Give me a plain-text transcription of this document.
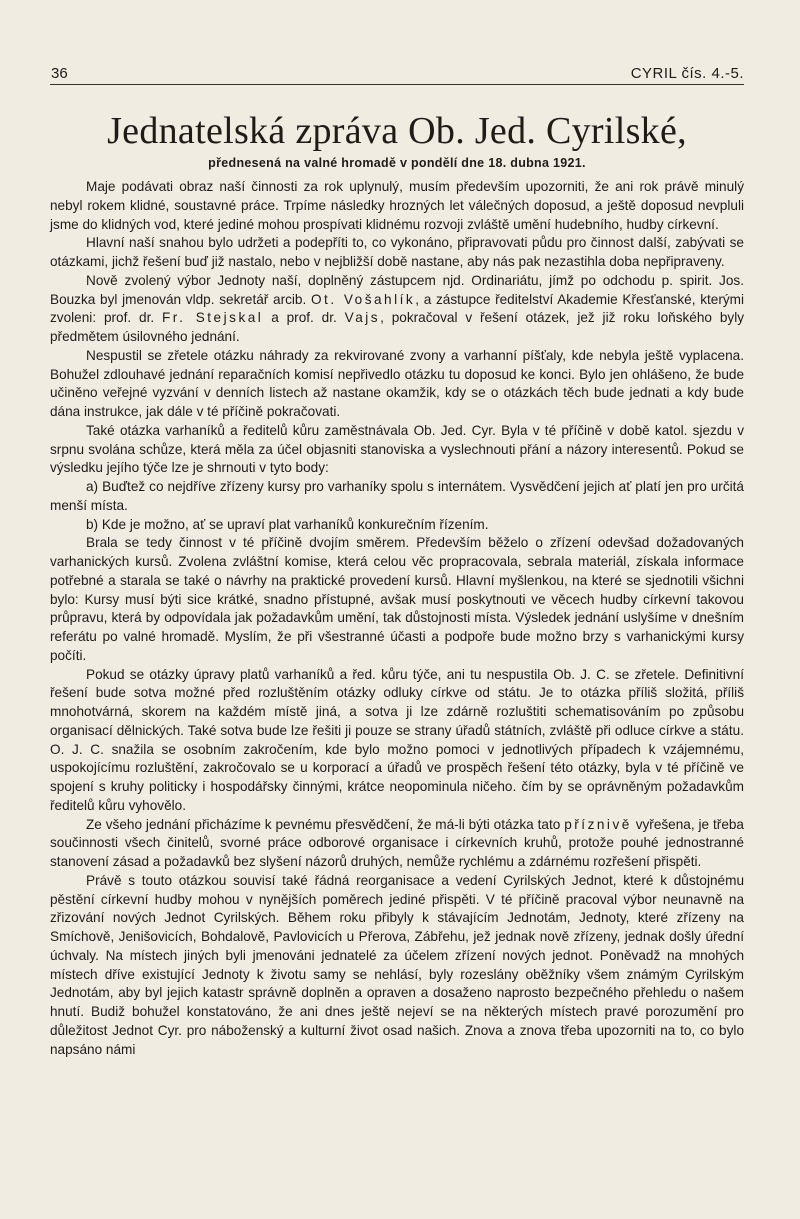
36	CYRIL čís. 4.-5.
Jednatelská zpráva Ob. Jed. Cyrilské,
přednesená na valné hromadě v pondělí dne 18. dubna 1921.

Maje podávati obraz naší činnosti za rok uplynulý, musím především upozorniti, že ani rok právě minulý nebyl rokem klidné, soustavné práce. Trpíme následky hrozných let válečných doposud, a ještě doposud nevpluli jsme do klidných vod, které jediné mohou prospívati klidnému rozvoji zvláště umění hudebního, hudby církevní.

Hlavní naší snahou bylo udržeti a podepříti to, co vykonáno, připravovati půdu pro činnost další, zabývati se otázkami, jichž řešení buď již nastalo, nebo v nejbližší době nastane, aby nás pak nezastihla doba nepřipraveny.

Nově zvolený výbor Jednoty naší, doplněný zástupcem njd. Ordinariátu, jímž po odchodu p. spirit. Jos. Bouzka byl jmenován vldp. sekretář arcib. Ot. Vošahlík, a zástupce ředitelství Akademie Křesťanské, kterými zvoleni: prof. dr. Fr. Stejskal a prof. dr. Vajs, pokračoval v řešení otázek, jež již roku loňského byly předmětem úsilovného jednání.

Nespustil se zřetele otázku náhrady za rekvirované zvony a varhanní píšťaly, kde nebyla ještě vyplacena. Bohužel zdlouhavé jednání reparačních komisí nepřivedlo otázku tu doposud ke konci. Bylo jen ohlášeno, že bude učiněno veřejné vyzvání v denních listech až nastane okamžik, kdy se o otázkách těch bude jednati a kdy bude dána instrukce, jak dále v té příčině pokračovati.

Také otázka varhaníků a ředitelů kůru zaměstnávala Ob. Jed. Cyr. Byla v té příčině v době katol. sjezdu v srpnu svolána schůze, která měla za účel objasniti stanoviska a vyslechnouti přání a názory interesentů. Pokud se výsledku jejího týče lze je shrnouti v tyto body:

a) Buďtež co nejdříve zřízeny kursy pro varhaníky spolu s internátem. Vysvědčení jejich ať platí jen pro určitá menší místa.

b) Kde je možno, ať se upraví plat varhaníků konkurečním řízením.

Brala se tedy činnost v té příčině dvojím směrem. Především běželo o zřízení odevšad dožadovaných varhanických kursů. Zvolena zvláštní komise, která celou věc propracovala, sebrala materiál, získala informace potřebné a starala se také o návrhy na praktické provedení kursů. Hlavní myšlenkou, na které se sjednotili všichni bylo: Kursy musí býti sice krátké, snadno přístupné, avšak musí poskytnouti ve věcech hudby církevní takovou průpravu, která by odpovídala jak požadavkům umění, tak důstojnosti místa. Výsledek jednání uslyšíme v dnešním referátu po valné hromadě. Myslím, že při všestranné účasti a podpoře bude možno brzy s varhanickými kursy počíti.

Pokud se otázky úpravy platů varhaníků a řed. kůru týče, ani tu nespustila Ob. J. C. se zřetele. Definitivní řešení bude sotva možné před rozluštěním otázky odluky církve od státu. Je to otázka příliš složitá, příliš mnohotvárná, skorem na každém místě jiná, a sotva ji lze zdárně rozluštiti schematisováním po způsobu organisací dělnických. Také sotva bude lze řešiti ji pouze se strany úřadů státních, zvláště při odluce církve a státu. O. J. C. snažila se osobním zakročením, kde bylo možno pomoci v jednotlivých případech k vzájemnému, uspokojícímu rozluštění, zakročovalo se u korporací a úřadů ve prospěch řešení této otázky, byla v té příčině ve spojení s kruhy politicky i hospodářsky činnými, krátce neopominula ničeho. čím by se oprávněným požadavkům ředitelů kůru vyhovělo.

Ze všeho jednání přicházíme k pevnému přesvědčení, že má-li býti otázka tato příznivě vyřešena, je třeba součinnosti všech činitelů, svorné práce odborové organisace i církevních kruhů, protože pouhé jednostranné stanovení zásad a požadavků bez slyšení názorů druhých, nemůže rychlému a zdárnému rozřešení přispěti.

Právě s touto otázkou souvisí také řádná reorganisace a vedení Cyrilských Jednot, které k důstojnému pěstění církevní hudby mohou v nynějších poměrech jediné přispěti. V té příčině pracoval výbor neunavně na zřizování nových Jednot Cyrilských. Během roku přibyly k stávajícím Jednotám, Jednoty, které zřízeny na Smíchově, Jenišovicích, Bohdalově, Pavlovicích u Přerova, Zábřehu, jež jednak nově zřízeny, jednak došly úřední úchvaly. Na místech jiných byli jmenováni jednatelé za účelem zřízení nových jednot. Poněvadž na mnohých místech dříve existující Jednoty k životu samy se nehlásí, byly rozeslány oběžníky všem známým Cyrilským Jednotám, aby byl jejich katastr správně doplněn a opraven a dosaženo naprosto bezpečného přehledu o našem hnutí. Budiž bohužel konstatováno, že ani dnes ještě nejeví se na některých místech pravé porozumění pro důležitost Jednot Cyr. pro náboženský a kulturní život osad našich. Znova a znova třeba upozorniti na to, co bylo napsáno námi
